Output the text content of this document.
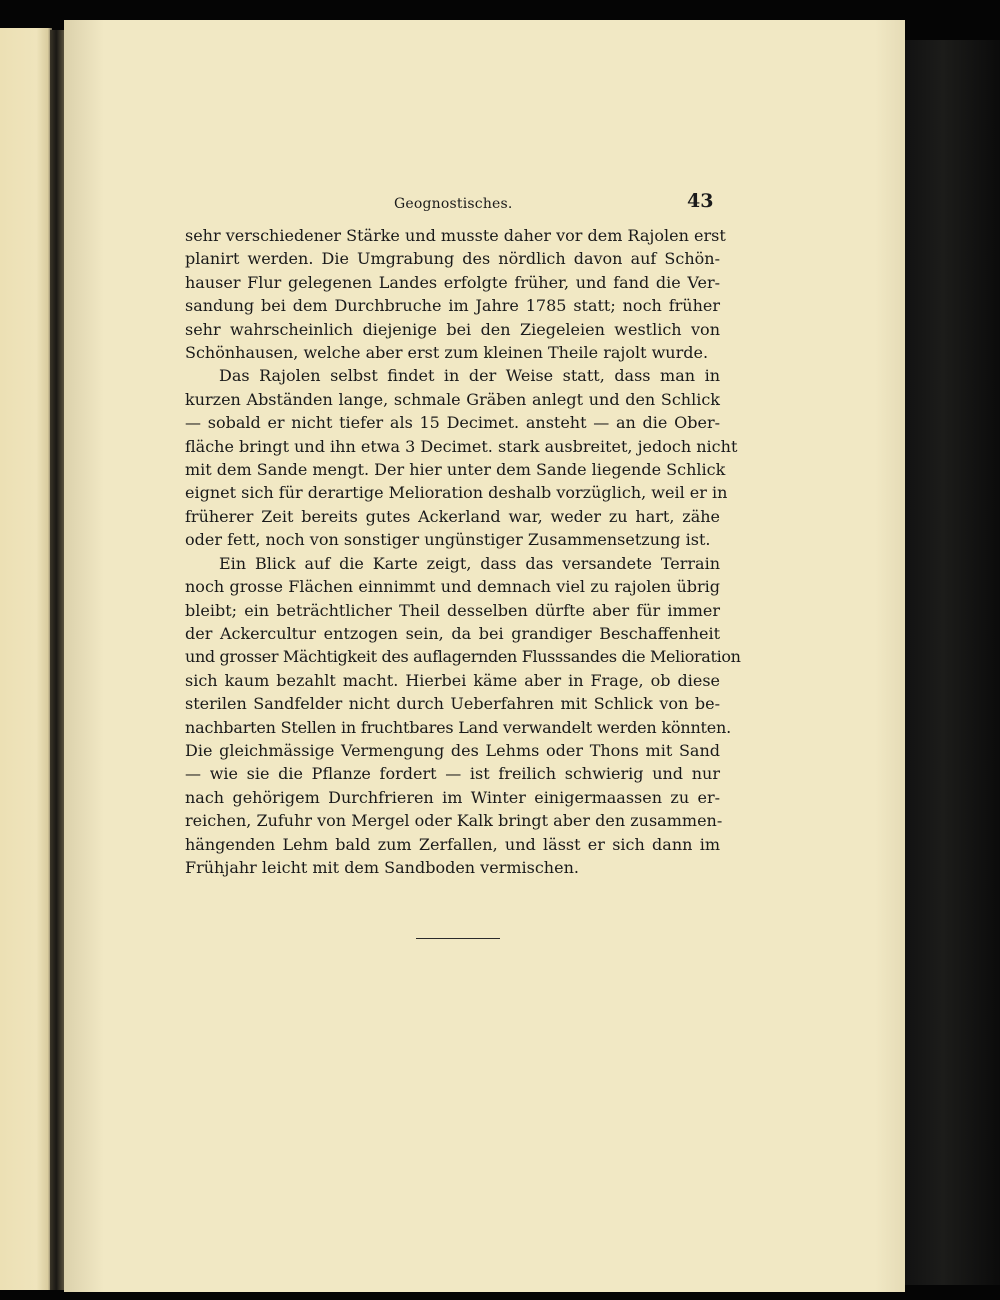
Geognostisches.	43

sehr verschiedener Stärke und musste daher vor dem Rajolen erst
planirt werden. Die Umgrabung des nördlich davon auf Schön-
hauser Flur gelegenen Landes erfolgte früher, und fand die Ver-
sandung bei dem Durchbruche im Jahre 1785 statt; noch früher
sehr wahrscheinlich diejenige bei den Ziegeleien westlich von
Schönhausen, welche aber erst zum kleinen Theile rajolt wurde.

Das Rajolen selbst findet in der Weise statt, dass man in
kurzen Abständen lange, schmale Gräben anlegt und den Schlick
— sobald er nicht tiefer als 15 Decimet. ansteht — an die Ober-
fläche bringt und ihn etwa 3 Decimet. stark ausbreitet, jedoch nicht
mit dem Sande mengt. Der hier unter dem Sande liegende Schlick
eignet sich für derartige Melioration deshalb vorzüglich, weil er in
früherer Zeit bereits gutes Ackerland war, weder zu hart, zähe
oder fett, noch von sonstiger ungünstiger Zusammensetzung ist.

Ein Blick auf die Karte zeigt, dass das versandete Terrain
noch grosse Flächen einnimmt und demnach viel zu rajolen übrig
bleibt; ein beträchtlicher Theil desselben dürfte aber für immer
der Ackercultur entzogen sein, da bei grandiger Beschaffenheit
und grosser Mächtigkeit des auflagernden Flusssandes die Melioration
sich kaum bezahlt macht. Hierbei käme aber in Frage, ob diese
sterilen Sandfelder nicht durch Ueberfahren mit Schlick von be-
nachbarten Stellen in fruchtbares Land verwandelt werden könnten.
Die gleichmässige Vermengung des Lehms oder Thons mit Sand
— wie sie die Pflanze fordert — ist freilich schwierig und nur
nach gehörigem Durchfrieren im Winter einigermaassen zu er-
reichen, Zufuhr von Mergel oder Kalk bringt aber den zusammen-
hängenden Lehm bald zum Zerfallen, und lässt er sich dann im
Frühjahr leicht mit dem Sandboden vermischen.
